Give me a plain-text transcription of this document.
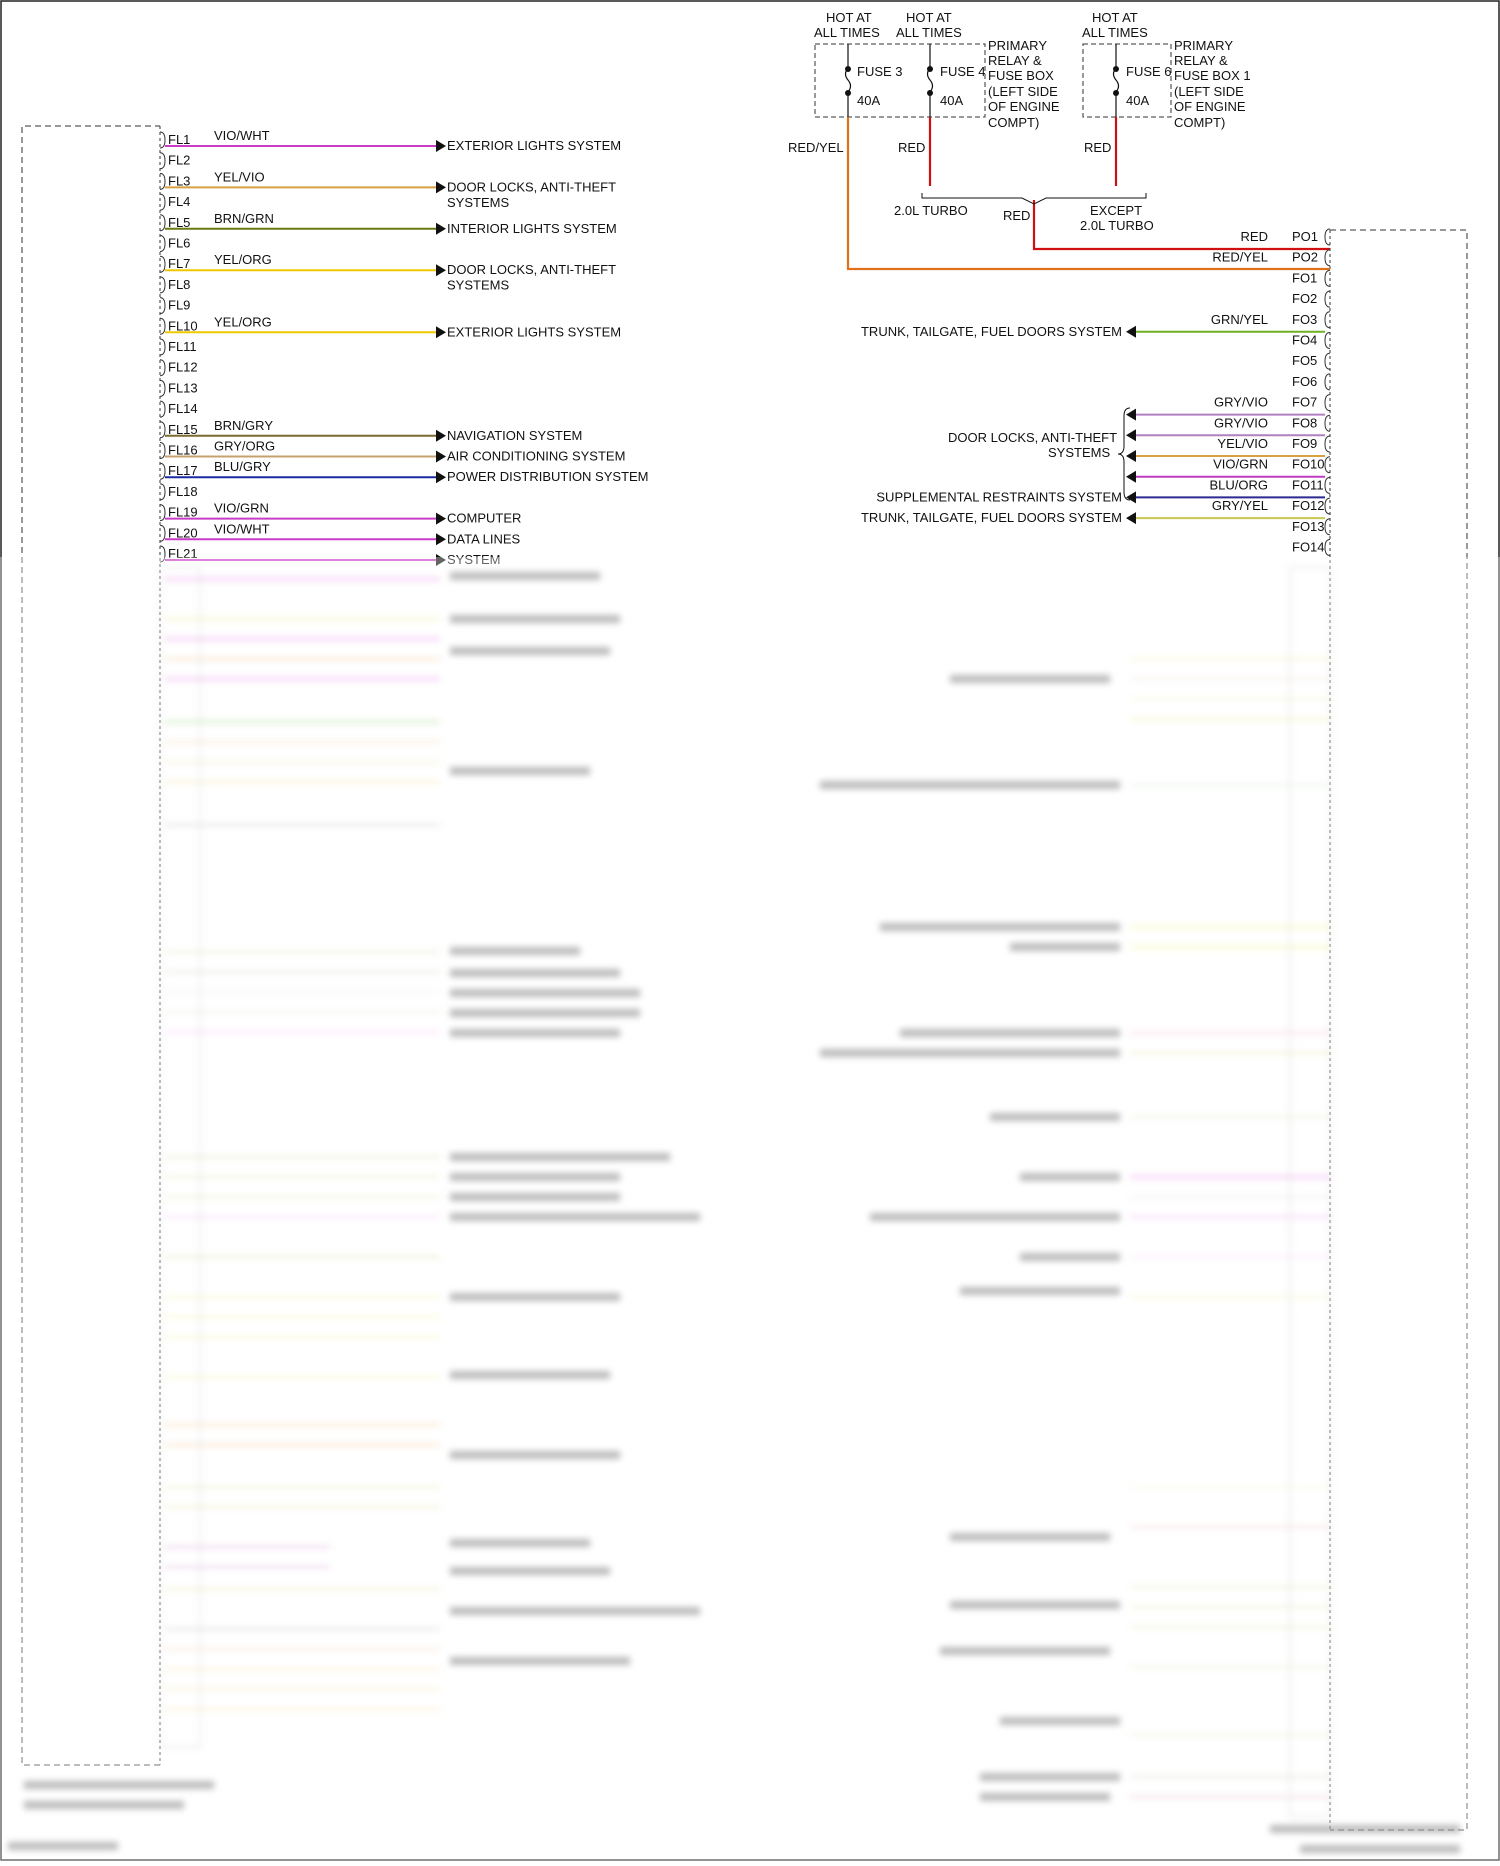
HOT AT
ALL TIMES
HOT AT
ALL TIMES
HOT AT
ALL TIMES
FUSE 3
40A
FUSE 4
40A
FUSE 6
40A
PRIMARY
RELAY &
FUSE BOX
(LEFT SIDE
OF ENGINE
COMPT)
PRIMARY
RELAY &
FUSE BOX 1
(LEFT SIDE
OF ENGINE
COMPT)
RED/YEL	RED	RED
2.0L TURBO	EXCEPT
2.0L TURBO
RED
FL1 VIO/WHT
EXTERIOR LIGHTS SYSTEM
FL2
FL3 YEL/VIO
DOOR LOCKS, ANTI-THEFT
SYSTEMS
FL4
FL5 BRN/GRN
INTERIOR LIGHTS SYSTEM
FL6
FL7 YEL/ORG
DOOR LOCKS, ANTI-THEFT
SYSTEMS
FL8
FL9
FL10 YEL/ORG
EXTERIOR LIGHTS SYSTEM
FL11
FL12
FL13
FL14
FL15 BRN/GRY
NAVIGATION SYSTEM
FL16 GRY/ORG
AIR CONDITIONING SYSTEM
FL17 BLU/GRY
POWER DISTRIBUTION SYSTEM
FL18
FL19 VIO/GRN
COMPUTER
FL20 VIO/WHT
DATA LINES
FL21	SYSTEM
PO1
RED
PO2
RED/YEL
FO1
FO2
FO3
GRN/YEL
TRUNK, TAILGATE, FUEL DOORS SYSTEM
FO4
FO5
FO6
FO7
GRY/VIO
FO8
GRY/VIO
FO9
YEL/VIO
FO10
VIO/GRN
FO11
BLU/ORG
SUPPLEMENTAL RESTRAINTS SYSTEM
FO12
GRY/YEL
TRUNK, TAILGATE, FUEL DOORS SYSTEM
FO13
FO14
DOOR LOCKS, ANTI-THEFT
SYSTEMS
